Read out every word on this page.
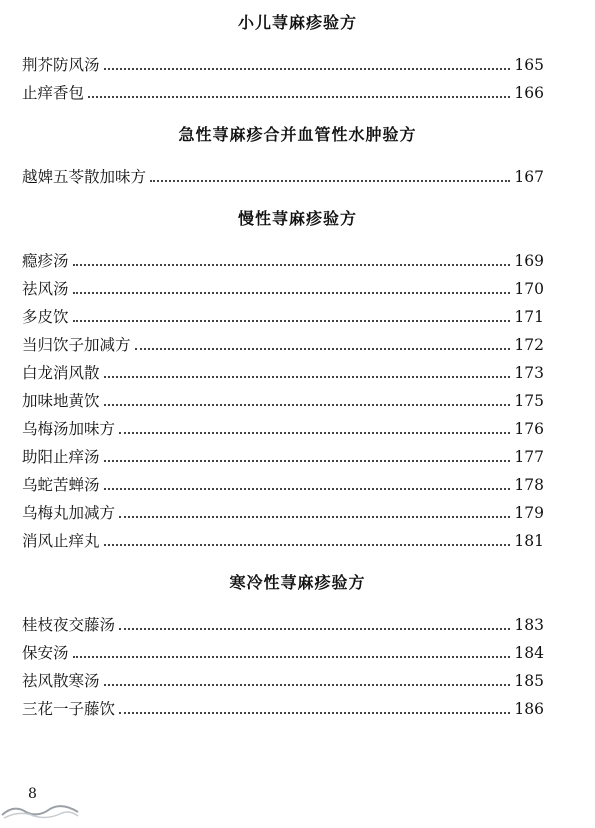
小儿荨麻疹验方
荆芥防风汤	165
止痒香包	166
急性荨麻疹合并血管性水肿验方
越婢五苓散加味方	167
慢性荨麻疹验方
瘾疹汤	169
祛风汤	170
多皮饮	171
当归饮子加减方	172
白龙消风散	173
加味地黄饮	175
乌梅汤加味方	176
助阳止痒汤	177
乌蛇苦蝉汤	178
乌梅丸加减方	179
消风止痒丸	181
寒冷性荨麻疹验方
桂枝夜交藤汤	183
保安汤	184
祛风散寒汤	185
三花一子藤饮	186
8
